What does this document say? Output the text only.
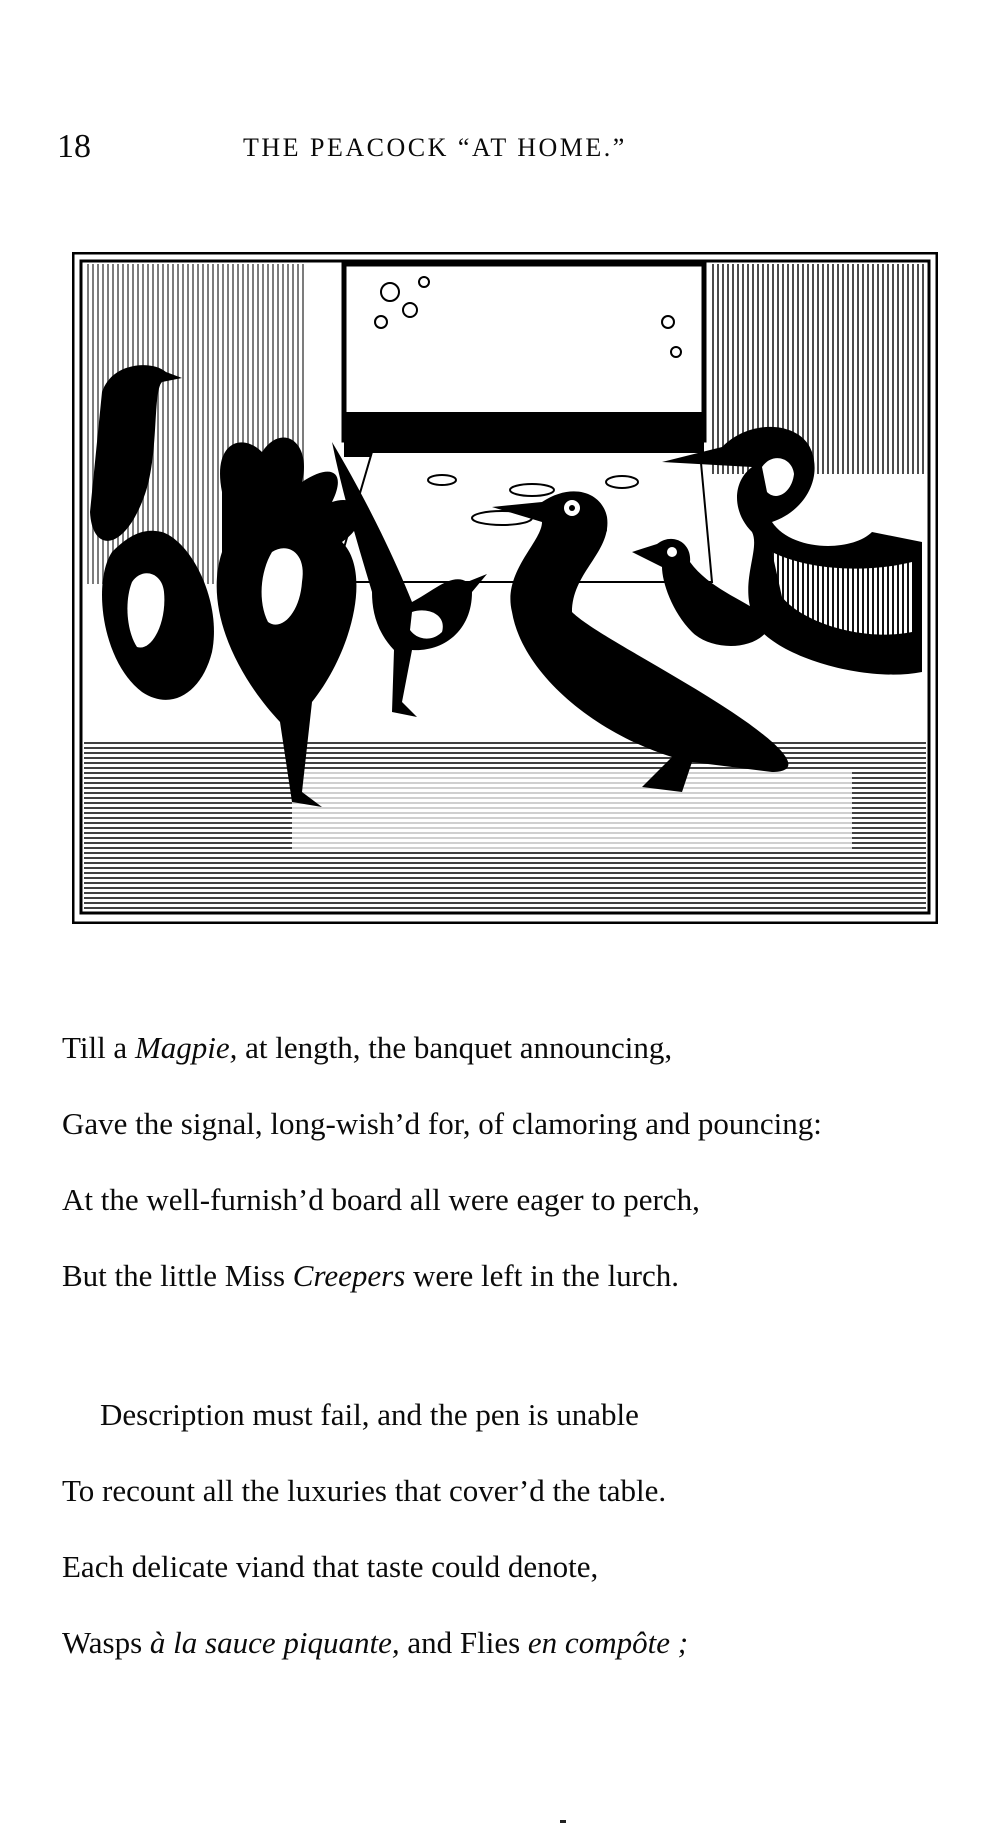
18	THE PEACOCK “AT HOME.”
Till a Magpie, at length, the banquet announcing,
Gave the signal, long-wish’d for, of clamoring and pouncing:
At the well-furnish’d board all were eager to perch,
But the little Miss Creepers were left in the lurch.
Description must fail, and the pen is unable
To recount all the luxuries that cover’d the table.
Each delicate viand that taste could denote,
Wasps à la sauce piquante, and Flies en compôte ;
